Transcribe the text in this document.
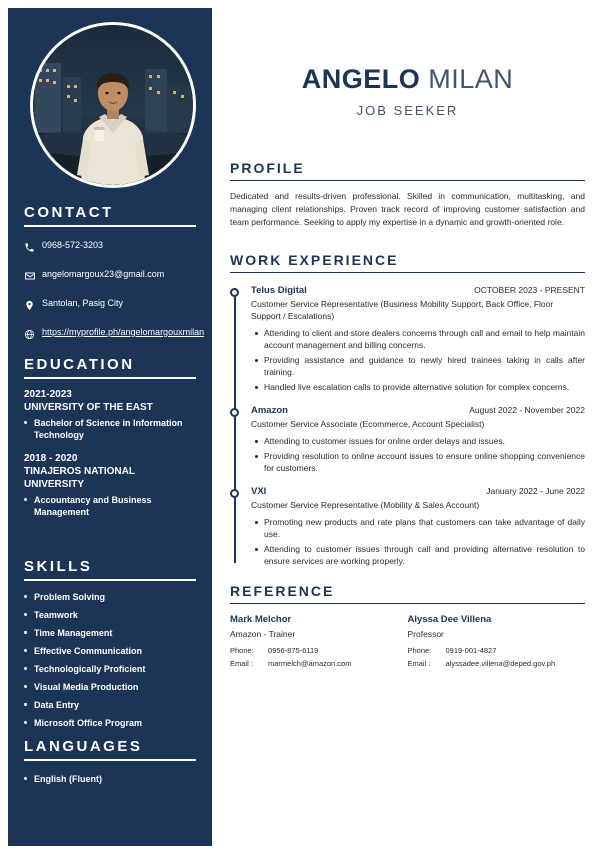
CONTACT
0968-572-3203
angelomargoux23@gmail.com
Santolan, Pasig City
https://myprofile.ph/angelomargouxmilan
EDUCATION
2021-2023
UNIVERSITY OF THE EAST
Bachelor of Science in Information Technology
2018 - 2020
TINAJEROS NATIONAL UNIVERSITY
Accountancy and Business Management
SKILLS
Problem Solving
Teamwork
Time Management
Effective Communication
Technologically Proficient
Visual Media Production
Data Entry
Microsoft Office Program
LANGUAGES
English (Fluent)
ANGELO MILAN
JOB SEEKER
PROFILE
Dedicated and results-driven professional. Skilled in communication, multitasking, and managing client relationships. Proven track record of improving customer satisfaction and team performance. Seeking to apply my expertise in a dynamic and growth-oriented role.
WORK EXPERIENCE
Telus Digital	OCTOBER 2023 - PRESENT
Customer Service Representative (Business Mobility Support, Back Office, Floor Support / Escalations)
Attending to client and store dealers concerns through call and email to help maintain account management and billing concerns.
Providing assistance and guidance to newly hired trainees taking in calls after training.
Handled live escalation calls to provide alternative solution for complex concerns.
Amazon	August 2022 - November 2022
Customer Service Associate (Ecommerce, Account Specialist)
Attending to customer issues for online order delays and issues.
Providing resolution to online account issues to ensure online shopping convenience for customers.
VXI	January 2022 - June 2022
Customer Service Representative (Mobility & Sales Account)
Promoting new products and rate plans that customers can take advantage of daily use.
Attending to customer issues through call and providing alternative resolution to ensure services are working properly.
REFERENCE
Mark Melchor
Amazon - Trainer
Phone:	0956-875-6119
Email :	marmelch@amazon.com
Alyssa Dee Villena
Professor
Phone:	0919-001-4827
Email :	alyssadee.villena@deped.gov.ph
